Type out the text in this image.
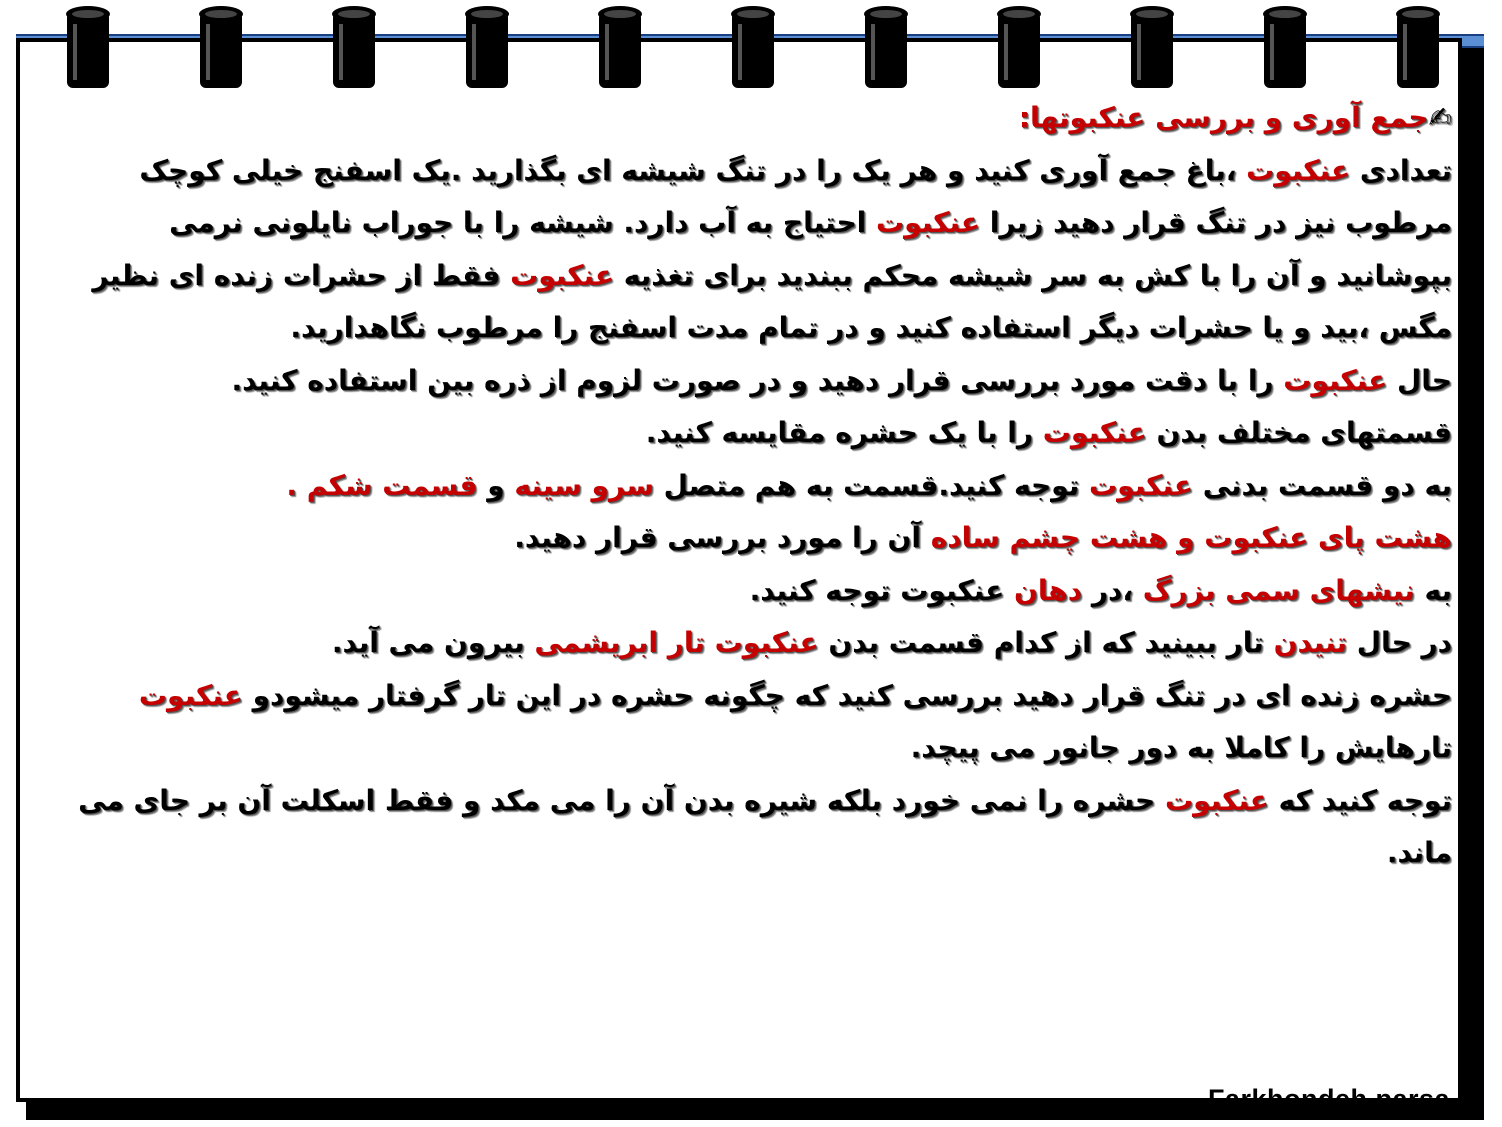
✍جمع آوری و بررسی عنکبوتها:

تعدادی عنکبوت ،باغ جمع آوری کنید و هر یک را در تنگ شیشه ای بگذارید .یک اسفنج خیلی کوچک مرطوب نیز در تنگ قرار دهید زیرا عنکبوت احتیاج به آب دارد. شیشه را با جوراب نایلونی نرمی بپوشانید و آن را با کش به سر شیشه محکم ببندید برای تغذیه عنکبوت فقط از حشرات زنده ای نظیر مگس ،بید و یا حشرات دیگر استفاده کنید و در تمام مدت اسفنج را مرطوب نگاهدارید.

حال عنکبوت را با دقت مورد بررسی قرار دهید و در صورت لزوم از ذره بین استفاده کنید.

قسمتهای مختلف بدن عنکبوت را با یک حشره مقایسه کنید.

به دو قسمت بدنی عنکبوت توجه کنید.قسمت به هم متصل سرو سینه و قسمت شکم .

هشت پای عنکبوت و هشت چشم ساده آن را مورد بررسی قرار دهید.

به نیشهای سمی بزرگ ،در دهان عنکبوت توجه کنید.

در حال تنیدن تار ببینید که از کدام قسمت بدن عنکبوت تار ابریشمی بیرون می آید.

حشره زنده ای در تنگ قرار دهید بررسی کنید که چگونه حشره در این تار گرفتار میشودو عنکبوت تارهایش را کاملا به دور جانور می پیچد.

توجه کنید که عنکبوت حشره را نمی خورد بلکه شیره بدن آن را می مکد و فقط اسکلت آن بر جای می ماند.

Farkhondeh parsa
